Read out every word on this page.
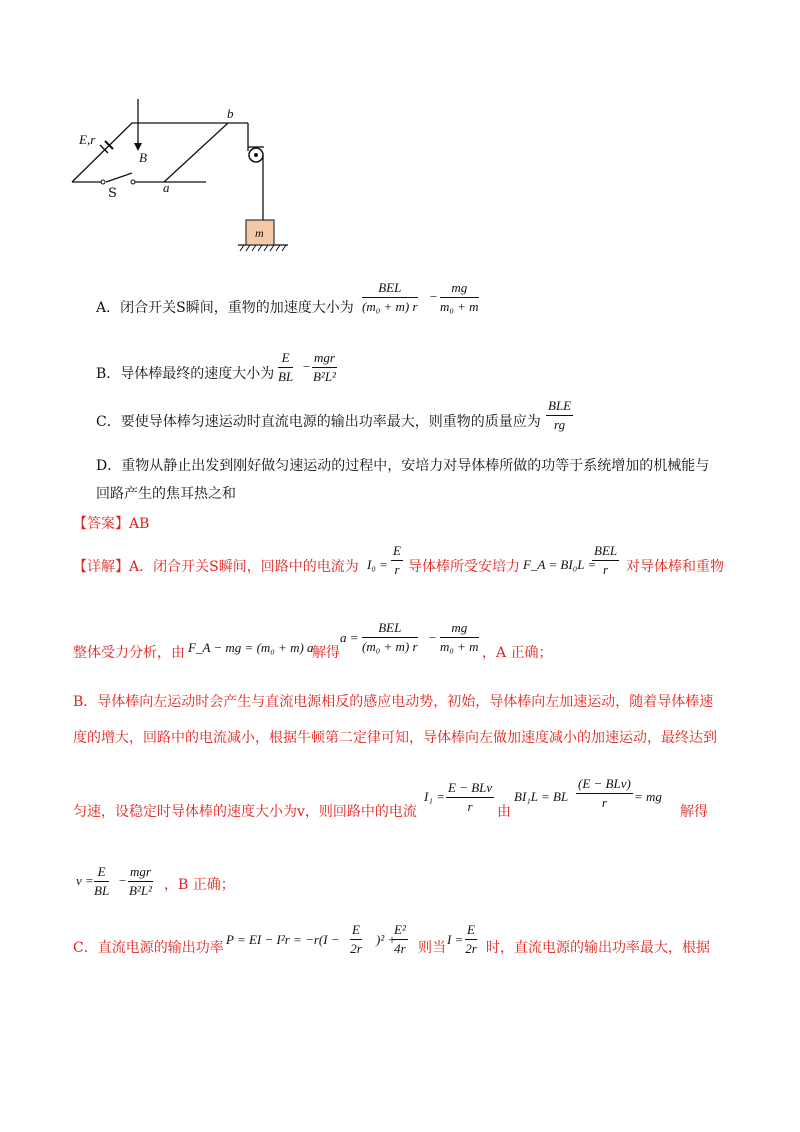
E,r
B
b
a
S
m
A．闭合开关S瞬间，重物的加速度大小为
BEL
(m₀ + m) r
− $\frac{mg}{\text{m₀ + m}}$
B．导体棒最终的速度大小为 $\frac{E}{BL}$ −
mgr
B²L²
C．要使导体棒匀速运动时直流电源的输出功率最大，则重物的质量应为
BLE
rg
D．重物从静止出发到刚好做匀速运动的过程中，安培力对导体棒所做的功等于系统增加的机械能与
回路产生的焦耳热之和
【答案】AB
【详解】A．闭合开关S瞬间，回路中的电流为 $I_0 = \frac{E}{r}$ 导体棒所受安培力 F_A = BI₀L =
BEL
r	对导体棒和重物
整体受力分析，由 F_A − mg = (m₀ + m) a
解得
a =
BEL
(m₀ + m) r
− $\frac{mg}{\text{m₀ + m}}$ ，A 正确；
B．导体棒向左运动时会产生与直流电源相反的感应电动势，初始，导体棒向左加速运动，随着导体棒速
度的增大，回路中的电流减小，根据牛顿第二定律可知，导体棒向左做加速度减小的加速运动，最终达到
匀速，设稳定时导体棒的速度大小为v，则回路中的电流
I₁ =
E − BLv
r	由
BI₁L = BL
(E − BLv)
r	= mg
解得
$v = \frac{E}{BL}$ −
mgr
B²L² ，B 正确；
C．直流电源的输出功率
P = EI − $I^2r = -r(I - \frac{E}{2r} )^2$ +
$\frac{\text{E²}}{4r}$ 则当
$I = \frac{E}{2r}$ 时，直流电源的输出功率最大，根据
